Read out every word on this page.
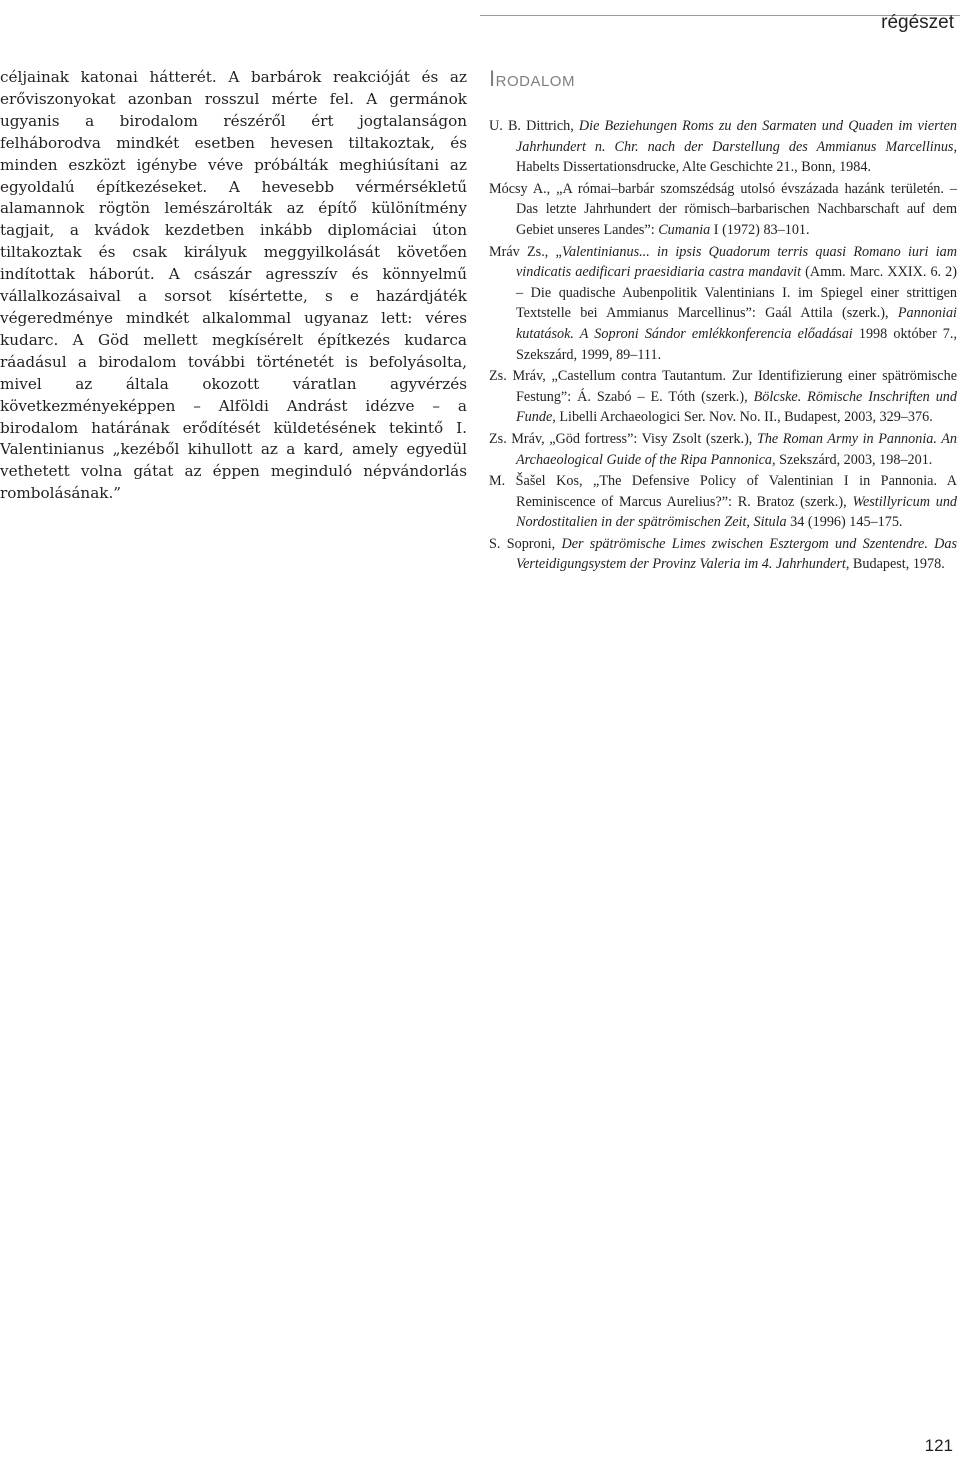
régészet

céljainak katonai hátterét. A barbárok reakcióját és az erőviszonyokat azonban rosszul mérte fel. A germánok ugyanis a birodalom részéről ért jogtalanságon felháborodva mindkét esetben hevesen tiltakoztak, és minden eszközt igénybe véve próbálták meghiúsítani az egyoldalú építkezéseket. A hevesebb vérmérsékletű alamannok rögtön lemészárolták az építő különítmény tagjait, a kvádok kezdetben inkább diplomáciai úton tiltakoztak és csak királyuk meggyilkolását követően indítottak háborút. A császár agresszív és könnyelmű vállalkozásaival a sorsot kísértette, s e hazárdjáték végeredménye mindkét alkalommal ugyanaz lett: véres kudarc. A Göd mellett megkísérelt építkezés kudarca ráadásul a birodalom további történetét is befolyásolta, mivel az általa okozott váratlan agyvérzés következményeképpen – Alföldi Andrást idézve – a birodalom határának erődítését küldetésének tekintő I. Valentinianus „kezéből kihullott az a kard, amely egyedül vethetett volna gátat az éppen meginduló népvándorlás rombolásának.”

Irodalom
U. B. Dittrich, Die Beziehungen Roms zu den Sarmaten und Quaden im vierten Jahrhundert n. Chr. nach der Darstellung des Ammianus Marcellinus, Habelts Dissertationsdrucke, Alte Geschichte 21., Bonn, 1984.
Mócsy A., „A római–barbár szomszédság utolsó évszázada hazánk területén. – Das letzte Jahrhundert der römisch–barbarischen Nachbarschaft auf dem Gebiet unseres Landes”: Cumania I (1972) 83–101.
Mráv Zs., „Valentinianus... in ipsis Quadorum terris quasi Romano iuri iam vindicatis aedificari praesidiaria castra mandavit (Amm. Marc. XXIX. 6. 2) – Die quadische Aubenpolitik Valentinians I. im Spiegel einer strittigen Textstelle bei Ammianus Marcellinus”: Gaál Attila (szerk.), Pannoniai kutatások. A Soproni Sándor emlékkonferencia előadásai 1998 október 7., Szekszárd, 1999, 89–111.
Zs. Mráv, „Castellum contra Tautantum. Zur Identifizierung einer spätrömische Festung”: Á. Szabó – E. Tóth (szerk.), Bölcske. Römische Inschriften und Funde, Libelli Archaeologici Ser. Nov. No. II., Budapest, 2003, 329–376.
Zs. Mráv, „Göd fortress”: Visy Zsolt (szerk.), The Roman Army in Pannonia. An Archaeological Guide of the Ripa Pannonica, Szekszárd, 2003, 198–201.
M. Šašel Kos, „The Defensive Policy of Valentinian I in Pannonia. A Reminiscence of Marcus Aurelius?”: R. Bratoz (szerk.), Westillyricum und Nordostitalien in der spätrömischen Zeit, Situla 34 (1996) 145–175.
S. Soproni, Der spätrömische Limes zwischen Esztergom und Szentendre. Das Verteidigungsystem der Provinz Valeria im 4. Jahrhundert, Budapest, 1978.
121
